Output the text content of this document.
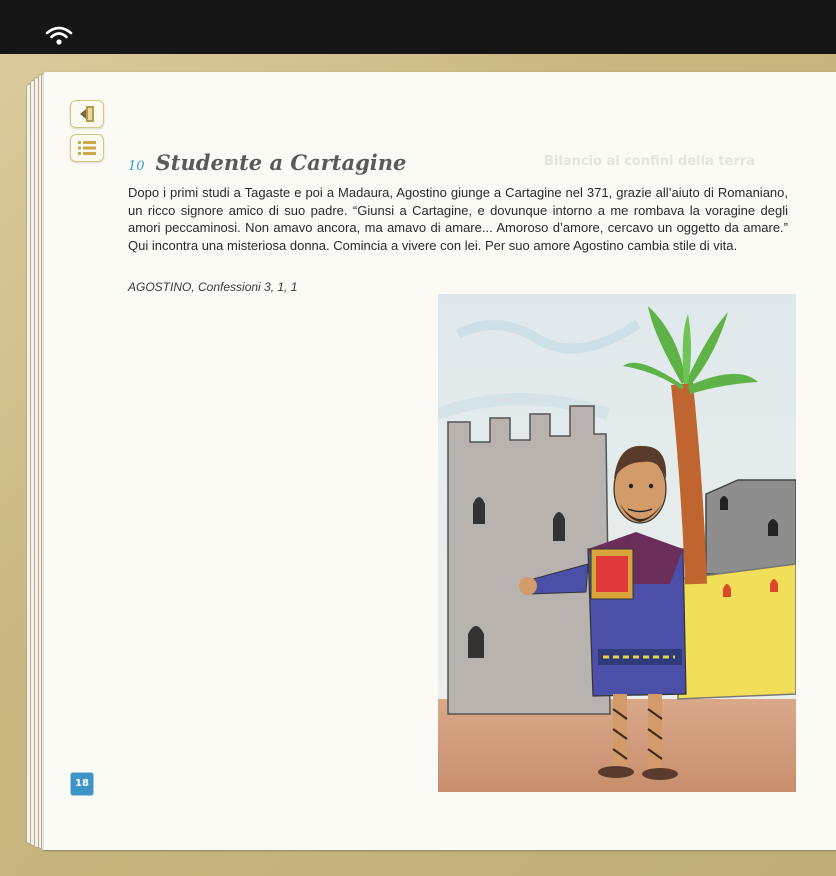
Bilancio ai confini della terra
10 Studente a Cartagine

Dopo i primi studi a Tagaste e poi a Madaura, Agostino giunge a Cartagine nel 371, grazie all’aiuto di Romaniano, un ricco signore amico di suo padre. “Giunsi a Cartagine, e dovunque intorno a me rombava la voragine degli amori peccaminosi. Non amavo ancora, ma amavo di amare... Amoroso d’amore, cercavo un oggetto da amare.” Qui incontra una misteriosa donna. Comincia a vivere con lei. Per suo amore Agostino cambia stile di vita.

AGOSTINO, Confessioni 3, 1, 1
18
